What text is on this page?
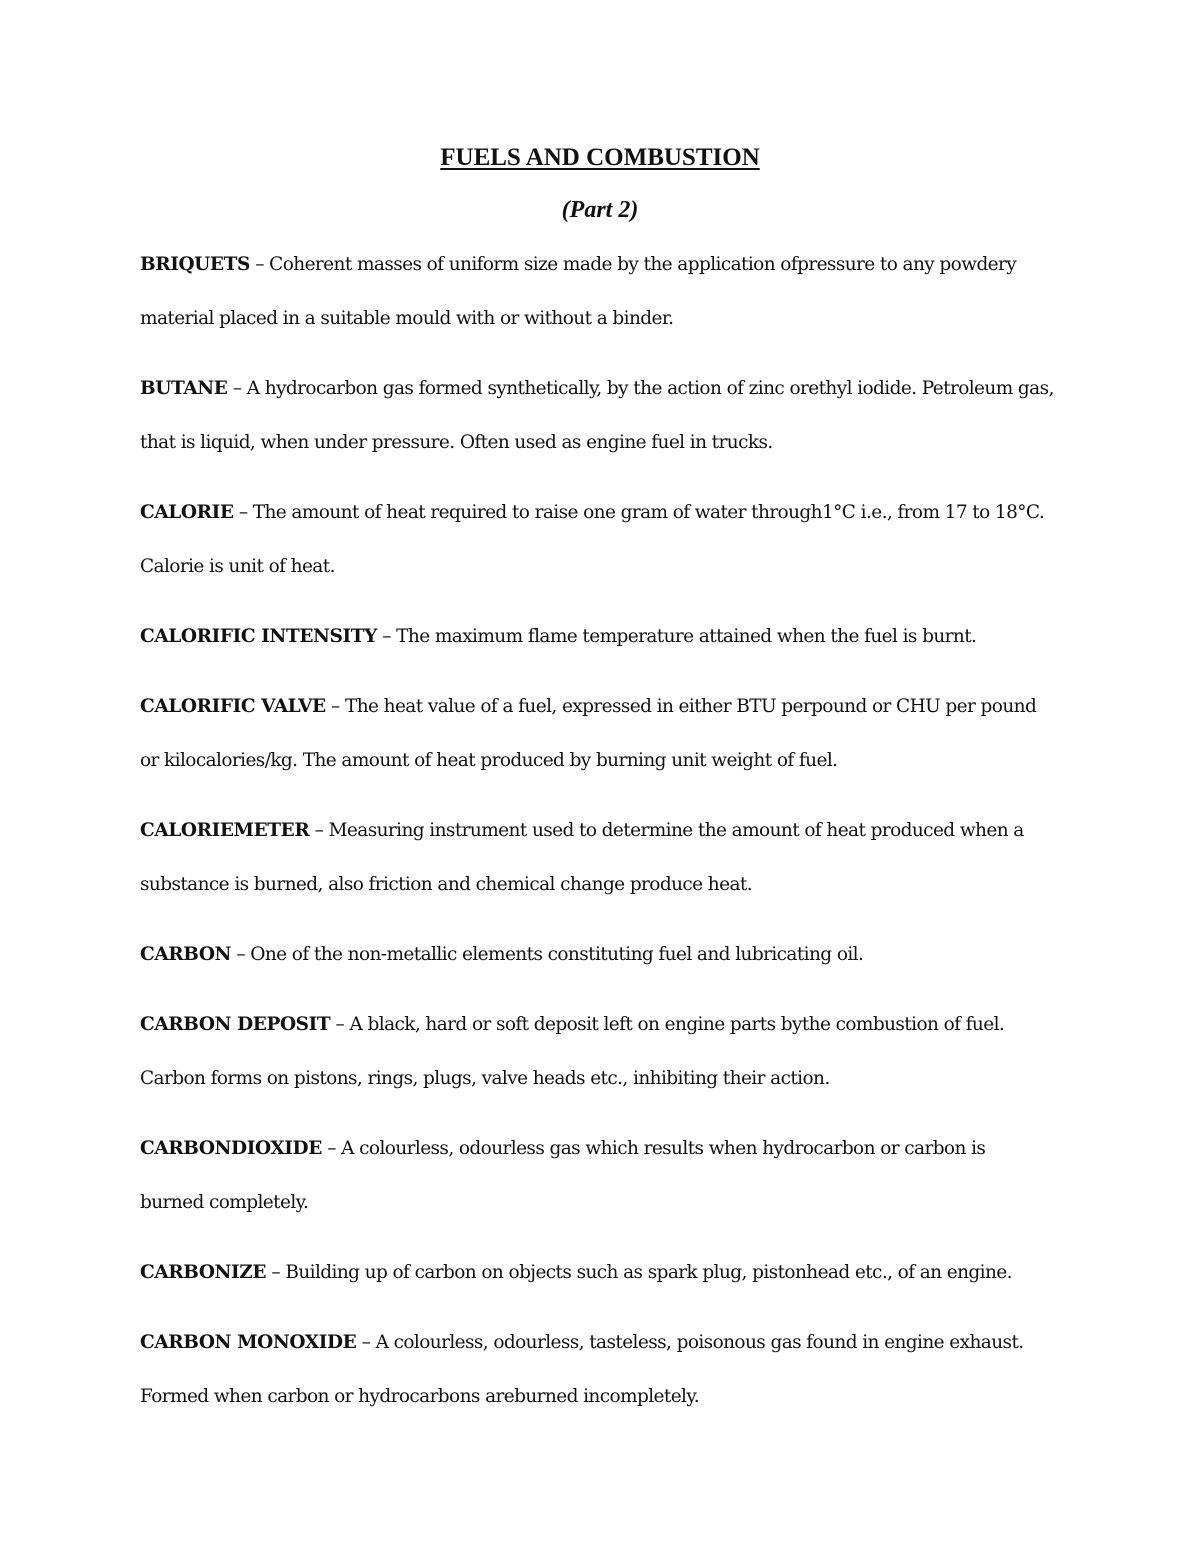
FUELS AND COMBUSTION
(Part 2)
BRIQUETS – Coherent masses of uniform size made by the application ofpressure to any powdery
material placed in a suitable mould with or without a binder.
BUTANE – A hydrocarbon gas formed synthetically, by the action of zinc orethyl iodide. Petroleum gas,
that is liquid, when under pressure. Often used as engine fuel in trucks.
CALORIE – The amount of heat required to raise one gram of water through1°C i.e., from 17 to 18°C.
Calorie is unit of heat.
CALORIFIC INTENSITY – The maximum flame temperature attained when the fuel is burnt.
CALORIFIC VALVE – The heat value of a fuel, expressed in either BTU perpound or CHU per pound
or kilocalories/kg. The amount of heat produced by burning unit weight of fuel.
CALORIEMETER – Measuring instrument used to determine the amount of heat produced when a
substance is burned, also friction and chemical change produce heat.
CARBON – One of the non-metallic elements constituting fuel and lubricating oil.
CARBON DEPOSIT – A black, hard or soft deposit left on engine parts bythe combustion of fuel.
Carbon forms on pistons, rings, plugs, valve heads etc., inhibiting their action.
CARBONDIOXIDE – A colourless, odourless gas which results when hydrocarbon or carbon is
burned completely.
CARBONIZE – Building up of carbon on objects such as spark plug, pistonhead etc., of an engine.
CARBON MONOXIDE – A colourless, odourless, tasteless, poisonous gas found in engine exhaust.
Formed when carbon or hydrocarbons areburned incompletely.
